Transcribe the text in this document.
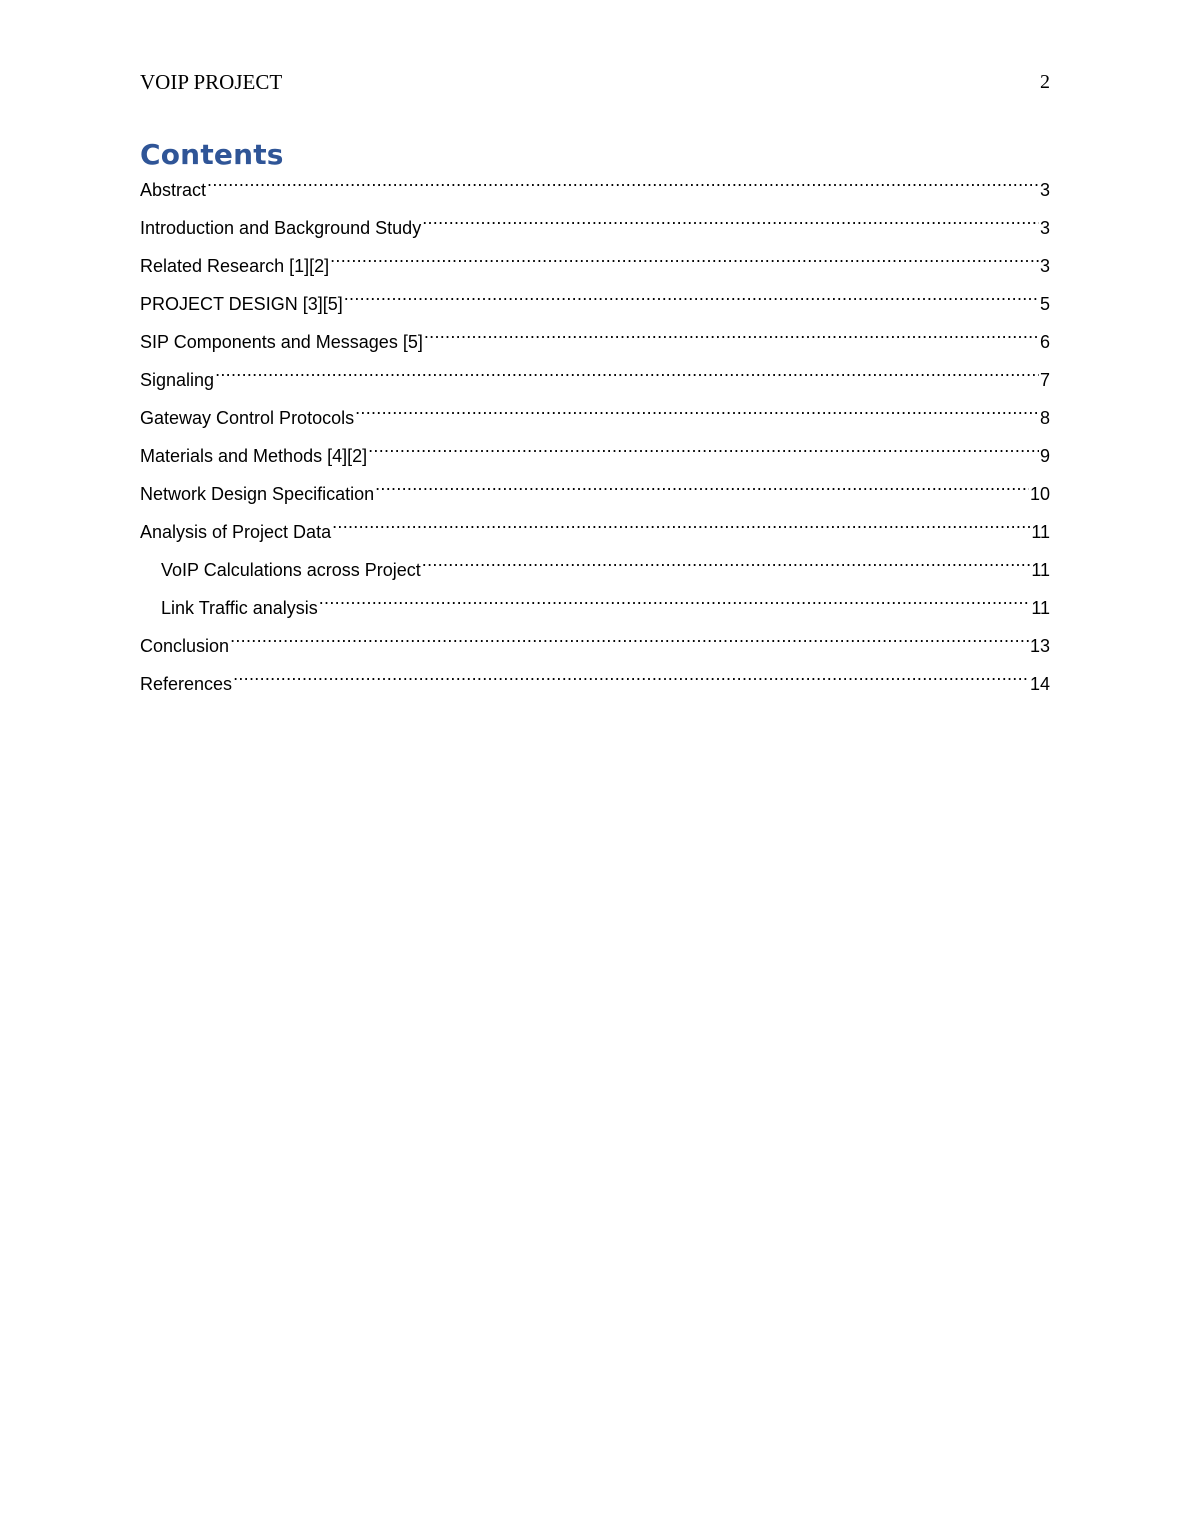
VOIP PROJECT	2
Contents
Abstract .....	3
Introduction and Background Study .....	3
Related Research [1][2] .....	3
PROJECT DESIGN [3][5] .....	5
SIP Components and Messages [5] .....	6
Signaling .....	7
Gateway Control Protocols .....	8
Materials and Methods [4][2] .....	9
Network Design Specification .....	10
Analysis of Project Data .....	11
VoIP Calculations across Project .....	11
Link Traffic analysis .....	11
Conclusion .....	13
References .....	14
